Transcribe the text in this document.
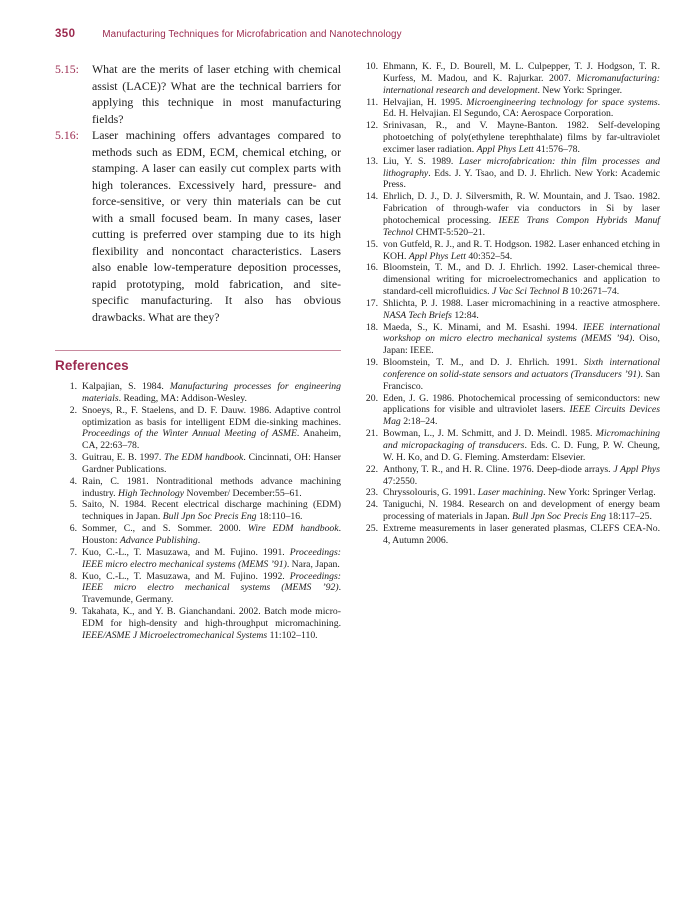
350	Manufacturing Techniques for Microfabrication and Nanotechnology
5.15:	What are the merits of laser etching with chemical assist (LACE)? What are the technical barriers for applying this technique in most manufacturing fields?
5.16:	Laser machining offers advantages compared to methods such as EDM, ECM, chemical etching, or stamping. A laser can easily cut complex parts with high tolerances. Excessively hard, pressure- and force-sensitive, or very thin materials can be cut with a small focused beam. In many cases, laser cutting is preferred over stamping due to its high flexibility and noncontact characteristics. Lasers also enable low-temperature deposition processes, rapid prototyping, mold fabrication, and site-specific manufacturing. It also has obvious drawbacks. What are they?
References
1. Kalpajian, S. 1984. Manufacturing processes for engineering materials. Reading, MA: Addison-Wesley.
2. Snoeys, R., F. Staelens, and D. F. Dauw. 1986. Adaptive control optimization as basis for intelligent EDM die-sinking machines. Proceedings of the Winter Annual Meeting of ASME. Anaheim, CA, 22:63–78.
3. Guitrau, E. B. 1997. The EDM handbook. Cincinnati, OH: Hanser Gardner Publications.
4. Rain, C. 1981. Nontraditional methods advance machining industry. High Technology November/ December:55–61.
5. Saito, N. 1984. Recent electrical discharge machining (EDM) techniques in Japan. Bull Jpn Soc Precis Eng 18:110–16.
6. Sommer, C., and S. Sommer. 2000. Wire EDM handbook. Houston: Advance Publishing.
7. Kuo, C.-L., T. Masuzawa, and M. Fujino. 1991. Proceedings: IEEE micro electro mechanical systems (MEMS ’91). Nara, Japan.
8. Kuo, C.-L., T. Masuzawa, and M. Fujino. 1992. Proceedings: IEEE micro electro mechanical systems (MEMS ’92). Travemunde, Germany.
9. Takahata, K., and Y. B. Gianchandani. 2002. Batch mode micro-EDM for high-density and high-throughput micromachining. IEEE/ASME J Microelectromechanical Systems 11:102–110.
10. Ehmann, K. F., D. Bourell, M. L. Culpepper, T. J. Hodgson, T. R. Kurfess, M. Madou, and K. Rajurkar. 2007. Micromanufacturing: international research and development. New York: Springer.
11. Helvajian, H. 1995. Microengineering technology for space systems. Ed. H. Helvajian. El Segundo, CA: Aerospace Corporation.
12. Srinivasan, R., and V. Mayne-Banton. 1982. Self-developing photoetching of poly(ethylene terephthalate) films by far-ultraviolet excimer laser radiation. Appl Phys Lett 41:576–78.
13. Liu, Y. S. 1989. Laser microfabrication: thin film processes and lithography. Eds. J. Y. Tsao, and D. J. Ehrlich. New York: Academic Press.
14. Ehrlich, D. J., D. J. Silversmith, R. W. Mountain, and J. Tsao. 1982. Fabrication of through-wafer via conductors in Si by laser photochemical processing. IEEE Trans Compon Hybrids Manuf Technol CHMT-5:520–21.
15. von Gutfeld, R. J., and R. T. Hodgson. 1982. Laser enhanced etching in KOH. Appl Phys Lett 40:352–54.
16. Bloomstein, T. M., and D. J. Ehrlich. 1992. Laser-chemical three-dimensional writing for microelectromechanics and application to standard-cell microfluidics. J Vac Sci Technol B 10:2671–74.
17. Shlichta, P. J. 1988. Laser micromachining in a reactive atmosphere. NASA Tech Briefs 12:84.
18. Maeda, S., K. Minami, and M. Esashi. 1994. IEEE international workshop on micro electro mechanical systems (MEMS ’94). Oiso, Japan: IEEE.
19. Bloomstein, T. M., and D. J. Ehrlich. 1991. Sixth international conference on solid-state sensors and actuators (Transducers ’91). San Francisco.
20. Eden, J. G. 1986. Photochemical processing of semiconductors: new applications for visible and ultraviolet lasers. IEEE Circuits Devices Mag 2:18–24.
21. Bowman, L., J. M. Schmitt, and J. D. Meindl. 1985. Micromachining and micropackaging of transducers. Eds. C. D. Fung, P. W. Cheung, W. H. Ko, and D. G. Fleming. Amsterdam: Elsevier.
22. Anthony, T. R., and H. R. Cline. 1976. Deep-diode arrays. J Appl Phys 47:2550.
23. Chryssolouris, G. 1991. Laser machining. New York: Springer Verlag.
24. Taniguchi, N. 1984. Research on and development of energy beam processing of materials in Japan. Bull Jpn Soc Precis Eng 18:117–25.
25. Extreme measurements in laser generated plasmas, CLEFS CEA-No. 4, Autumn 2006.
